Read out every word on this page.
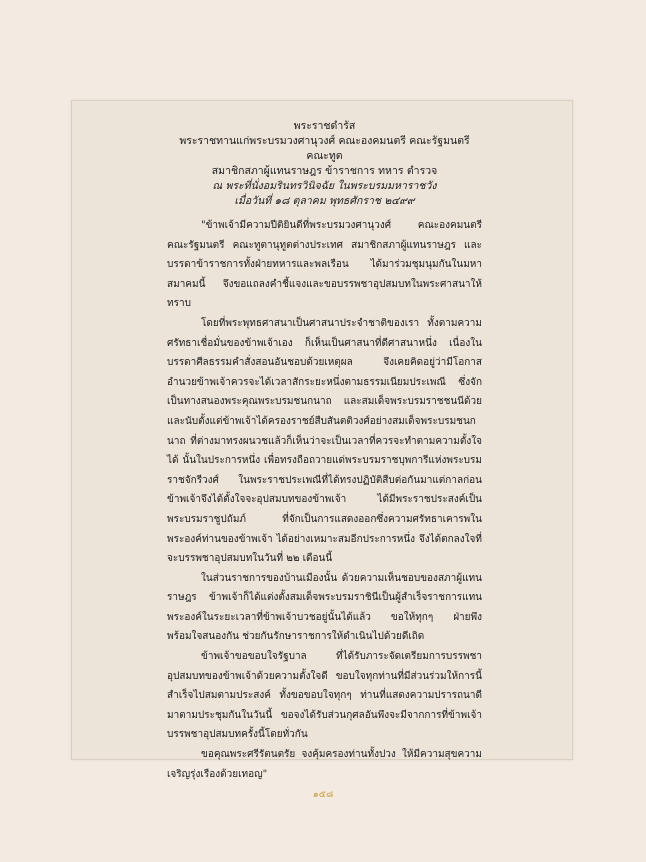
พระราชดำรัส
พระราชทานแก่พระบรมวงศานุวงศ์ คณะองคมนตรี คณะรัฐมนตรี คณะทูต
สมาชิกสภาผู้แทนราษฎร ข้าราชการ ทหาร ตำรวจ
ณ พระที่นั่งอมรินทรวินิจฉัย ในพระบรมมหาราชวัง
เมื่อวันที่ ๑๘ ตุลาคม พุทธศักราช ๒๔๙๙

"ข้าพเจ้ามีความปีติยินดีที่พระบรมวงศานุวงศ์ คณะองคมนตรี คณะรัฐมนตรี คณะทูตานุทูตต่างประเทศ สมาชิกสภาผู้แทนราษฎร และบรรดาข้าราชการทั้งฝ่ายทหารและพลเรือน ได้มาร่วมชุมนุมกันในมหาสมาคมนี้ จึงขอแถลงคำชี้แจงและขอบรรพชาอุปสมบทในพระศาสนาให้ทราบ

โดยที่พระพุทธศาสนาเป็นศาสนาประจำชาติของเรา ทั้งตามความศรัทธาเชื่อมั่นของข้าพเจ้าเอง ก็เห็นเป็นศาสนาที่ดีศาสนาหนึ่ง เนื่องในบรรดาศีลธรรมคำสั่งสอนอันชอบด้วยเหตุผล จึงเคยคิดอยู่ว่ามีโอกาสอำนวยข้าพเจ้าควรจะได้เวลาสักระยะหนึ่งตามธรรมเนียมประเพณี ซึ่งจักเป็นทางสนองพระคุณพระบรมชนกนาถ และสมเด็จพระบรมราชชนนีด้วย และนับตั้งแต่ข้าพเจ้าได้ครองราชย์สืบสันตติวงศ์อย่างสมเด็จพระบรมชนกนาถ ที่ต่างมาทรงผนวชแล้วก็เห็นว่าจะเป็นเวลาที่ควรจะทำตามความตั้งใจได้ นั้นในประการหนึ่ง เพื่อทรงถือถวายแด่พระบรมราชบุพการีแห่งพระบรมราชจักรีวงศ์ ในพระราชประเพณีที่ได้ทรงปฏิบัติสืบต่อกันมาแต่กาลก่อน ข้าพเจ้าจึงได้ตั้งใจจะอุปสมบทของข้าพเจ้า ได้มีพระราชประสงค์เป็นพระบรมราชูปถัมภ์ ที่จักเป็นการแสดงออกซึ่งความศรัทธาเคารพในพระองค์ท่านของข้าพเจ้า ได้อย่างเหมาะสมอีกประการหนึ่ง จึงได้ตกลงใจที่จะบรรพชาอุปสมบทในวันที่ ๒๒ เดือนนี้

ในส่วนราชการของบ้านเมืองนั้น ด้วยความเห็นชอบของสภาผู้แทนราษฎร ข้าพเจ้าก็ได้แต่งตั้งสมเด็จพระบรมราชินีเป็นผู้สำเร็จราชการแทนพระองค์ในระยะเวลาที่ข้าพเจ้าบวชอยู่นั้นได้แล้ว ขอให้ทุกๆ ฝ่ายพึงพร้อมใจสนองกัน ช่วยกันรักษาราชการให้ดำเนินไปด้วยดีเถิด

ข้าพเจ้าขอขอบใจรัฐบาล ที่ได้รับภาระจัดเตรียมการบรรพชาอุปสมบทของข้าพเจ้าด้วยความตั้งใจดี ขอบใจทุกท่านที่มีส่วนร่วมให้การนี้สำเร็จไปสมตามประสงค์ ทั้งขอขอบใจทุกๆ ท่านที่แสดงความปรารถนาดีมาตามประชุมกันในวันนี้ ขอจงได้รับส่วนกุศลอันพึงจะมีจากการที่ข้าพเจ้าบรรพชาอุปสมบทครั้งนี้โดยทั่วกัน

ขอคุณพระศรีรัตนตรัย จงคุ้มครองท่านทั้งปวง ให้มีความสุขความเจริญรุ่งเรืองด้วยเทอญ"

๑๕๘
